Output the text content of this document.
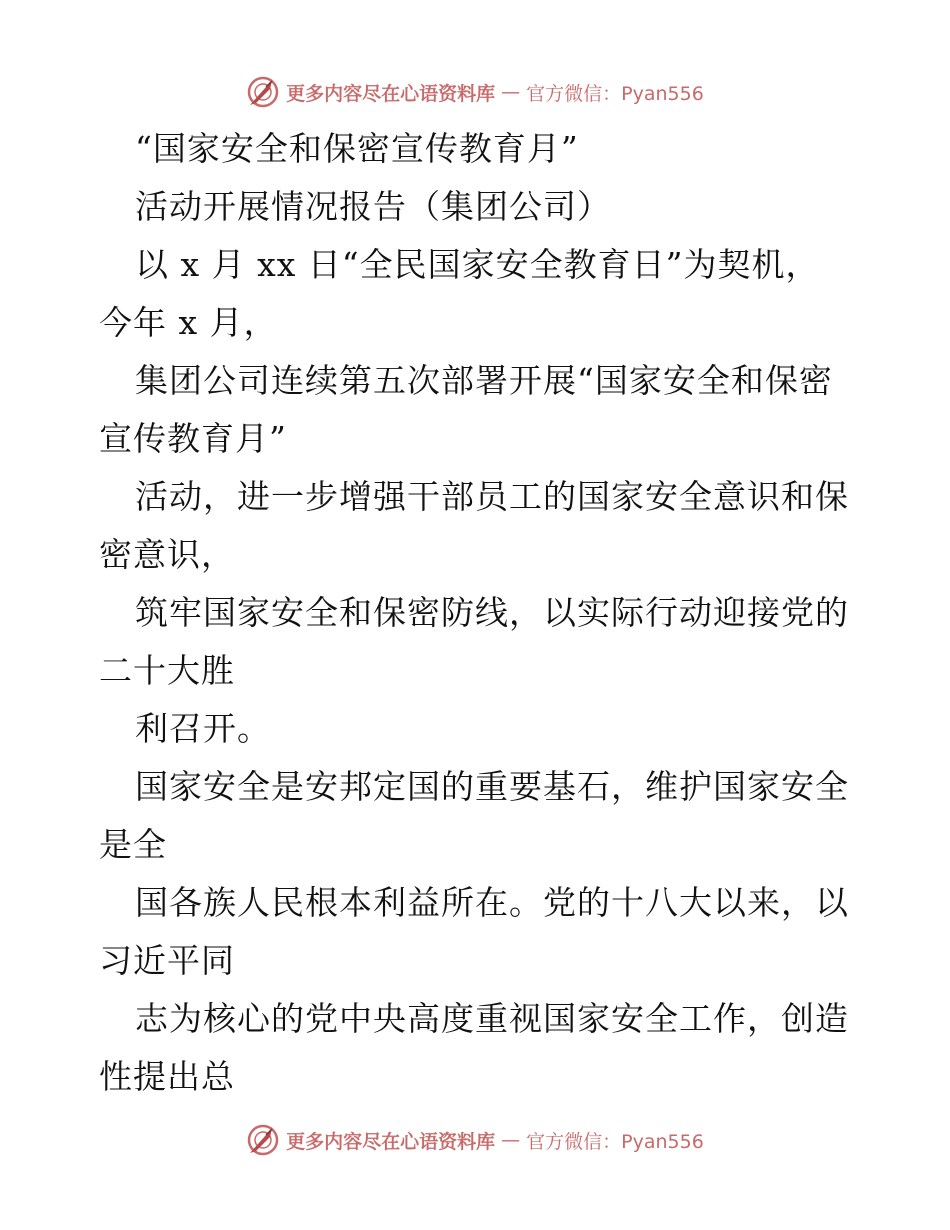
更多内容尽在心语资料库 — 官方微信：Pyan556
“国家安全和保密宣传教育月”
活动开展情况报告（集团公司）
以 x 月 xx 日“全民国家安全教育日”为契机，
今年 x 月，
集团公司连续第五次部署开展“国家安全和保密
宣传教育月”
活动，进一步增强干部员工的国家安全意识和保
密意识，
筑牢国家安全和保密防线，以实际行动迎接党的
二十大胜
利召开。
国家安全是安邦定国的重要基石，维护国家安全
是全
国各族人民根本利益所在。党的十八大以来，以
习近平同
志为核心的党中央高度重视国家安全工作，创造
性提出总
更多内容尽在心语资料库 — 官方微信：Pyan556
